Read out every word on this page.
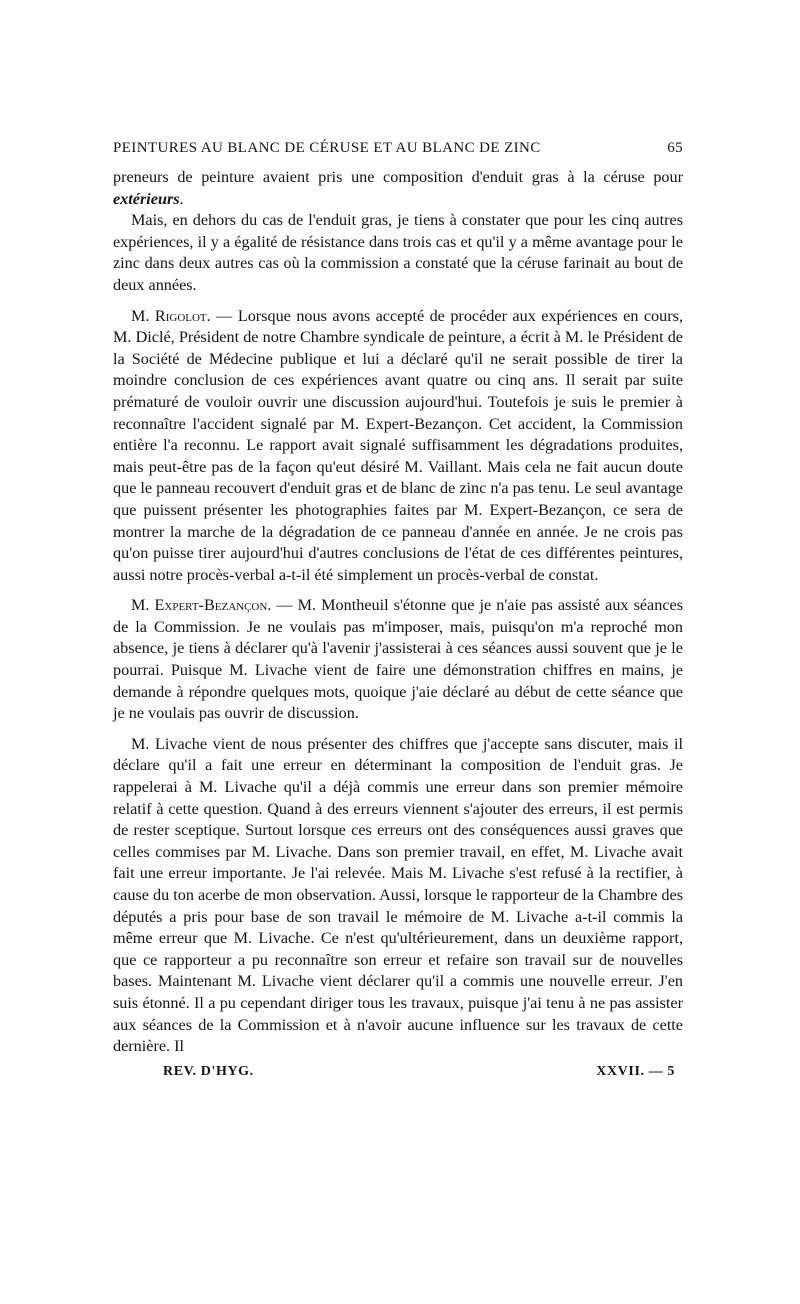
PEINTURES AU BLANC DE CÉRUSE ET AU BLANC DE ZINC	65

preneurs de peinture avaient pris une composition d'enduit gras à la céruse pour extérieurs.

Mais, en dehors du cas de l'enduit gras, je tiens à constater que pour les cinq autres expériences, il y a égalité de résistance dans trois cas et qu'il y a même avantage pour le zinc dans deux autres cas où la commission a constaté que la céruse farinait au bout de deux années.

M. Rigolot. — Lorsque nous avons accepté de procéder aux expériences en cours, M. Diclé, Président de notre Chambre syndicale de peinture, a écrit à M. le Président de la Société de Médecine publique et lui a déclaré qu'il ne serait possible de tirer la moindre conclusion de ces expériences avant quatre ou cinq ans. Il serait par suite prématuré de vouloir ouvrir une discussion aujourd'hui. Toutefois je suis le premier à reconnaître l'accident signalé par M. Expert-Bezançon. Cet accident, la Commission entière l'a reconnu. Le rapport avait signalé suffisamment les dégradations produites, mais peut-être pas de la façon qu'eut désiré M. Vaillant. Mais cela ne fait aucun doute que le panneau recouvert d'enduit gras et de blanc de zinc n'a pas tenu. Le seul avantage que puissent présenter les photographies faites par M. Expert-Bezançon, ce sera de montrer la marche de la dégradation de ce panneau d'année en année. Je ne crois pas qu'on puisse tirer aujourd'hui d'autres conclusions de l'état de ces différentes peintures, aussi notre procès-verbal a-t-il été simplement un procès-verbal de constat.

M. Expert-Bezançon. — M. Montheuil s'étonne que je n'aie pas assisté aux séances de la Commission. Je ne voulais pas m'imposer, mais, puisqu'on m'a reproché mon absence, je tiens à déclarer qu'à l'avenir j'assisterai à ces séances aussi souvent que je le pourrai. Puisque M. Livache vient de faire une démonstration chiffres en mains, je demande à répondre quelques mots, quoique j'aie déclaré au début de cette séance que je ne voulais pas ouvrir de discussion.

M. Livache vient de nous présenter des chiffres que j'accepte sans discuter, mais il déclare qu'il a fait une erreur en déterminant la composition de l'enduit gras. Je rappelerai à M. Livache qu'il a déjà commis une erreur dans son premier mémoire relatif à cette question. Quand à des erreurs viennent s'ajouter des erreurs, il est permis de rester sceptique. Surtout lorsque ces erreurs ont des conséquences aussi graves que celles commises par M. Livache. Dans son premier travail, en effet, M. Livache avait fait une erreur importante. Je l'ai relevée. Mais M. Livache s'est refusé à la rectifier, à cause du ton acerbe de mon observation. Aussi, lorsque le rapporteur de la Chambre des députés a pris pour base de son travail le mémoire de M. Livache a-t-il commis la même erreur que M. Livache. Ce n'est qu'ultérieurement, dans un deuxième rapport, que ce rapporteur a pu reconnaître son erreur et refaire son travail sur de nouvelles bases. Maintenant M. Livache vient déclarer qu'il a commis une nouvelle erreur. J'en suis étonné. Il a pu cependant diriger tous les travaux, puisque j'ai tenu à ne pas assister aux séances de la Commission et à n'avoir aucune influence sur les travaux de cette dernière. Il

REV. D'HYG.	XXVII. — 5
